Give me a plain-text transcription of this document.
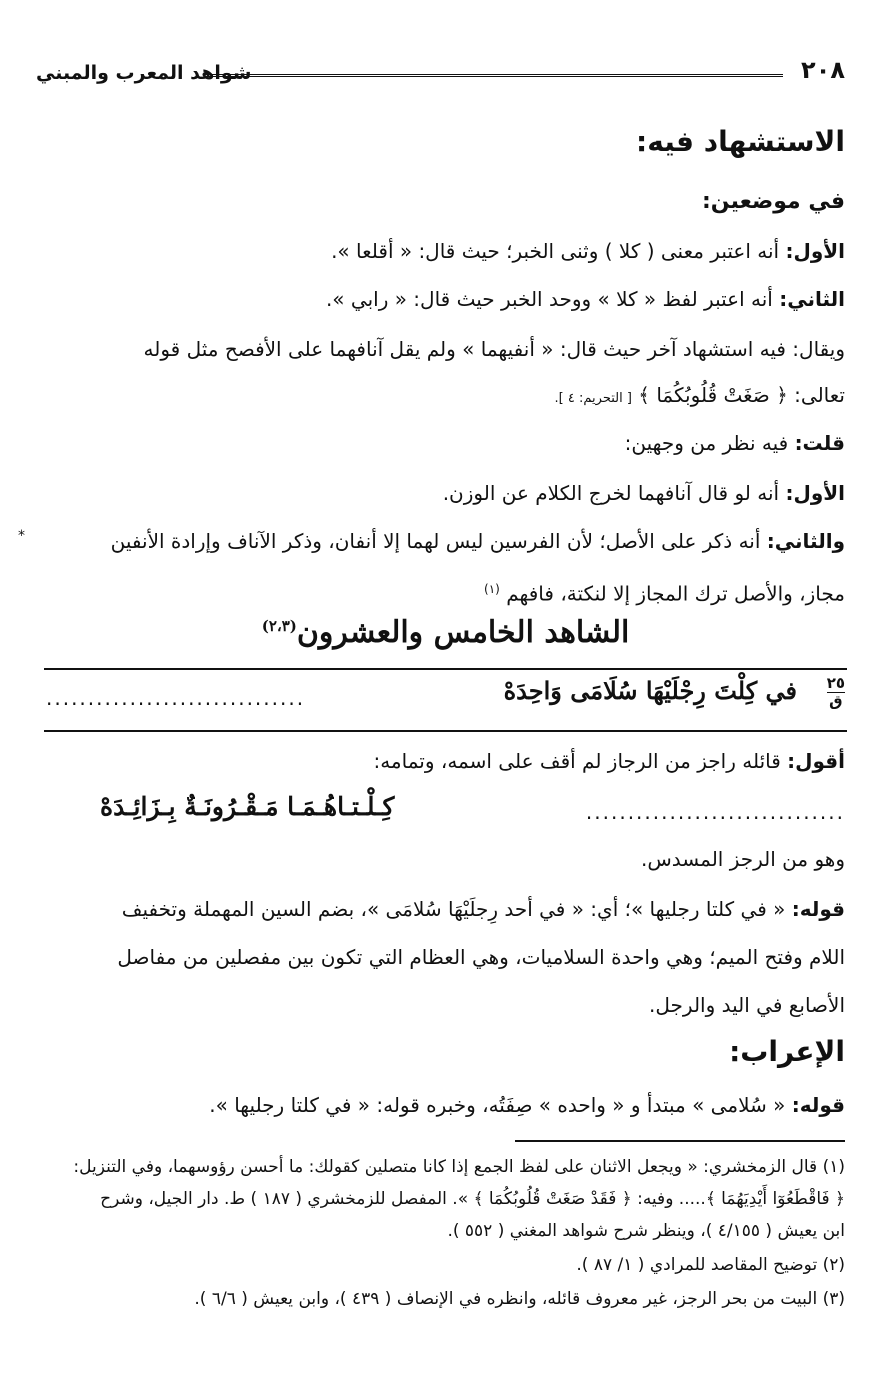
٢٠٨
شواهد المعرب والمبني
الاستشهاد فيه:
في موضعين:
الأول: أنه اعتبر معنى ( كلا ) وثنى الخبر؛ حيث قال: « أقلعا ».
الثاني: أنه اعتبر لفظ « كلا » ووحد الخبر حيث قال: « رابي ».
ويقال: فيه استشهاد آخر حيث قال: « أنفيهما » ولم يقل آنافهما على الأفصح مثل قوله
تعالى: ﴿ صَغَتْ قُلُوبُكُمَا ﴾ [ التحريم: ٤ ].
قلت: فيه نظر من وجهين:
الأول: أنه لو قال آنافهما لخرج الكلام عن الوزن.
*	والثاني: أنه ذكر على الأصل؛ لأن الفرسين ليس لهما إلا أنفان، وذكر الآناف وإرادة الأنفين
مجاز، والأصل ترك المجاز إلا لنكتة، فافهم $^{(١)}$
الشاهد الخامس والعشرون$^{(٢،٣)}$
٢٥
ق
في كِلْتَ رِجْلَيْهَا سُلَامَى وَاحِدَهْ
...............................
أقول: قائله راجز من الرجاز لم أقف على اسمه، وتمامه:
...............................
كِـلْـتـاهُـمَـا مَـقْـرُونَـةٌ بِـزَائِـدَهْ
وهو من الرجز المسدس.
قوله: « في كلتا رجليها »؛ أي: « في أحد رِجلَيْهَا سُلامَى »، بضم السين المهملة وتخفيف
اللام وفتح الميم؛ وهي واحدة السلاميات، وهي العظام التي تكون بين مفصلين من مفاصل
الأصابع في اليد والرجل.
الإعراب:
قوله: « سُلامى » مبتدأ و « واحده » صِفَتُه، وخبره قوله: « في كلتا رجليها ».
(١) قال الزمخشري: « ويجعل الاثنان على لفظ الجمع إذا كانا متصلين كقولك: ما أحسن رؤوسهما، وفي التنزيل:
﴿ فَاقْطَعُوٓا أَيْدِيَهُمَا ﴾..... وفيه: ﴿ فَقَدْ صَغَتْ قُلُوبُكُمَا ﴾ ». المفصل للزمخشري ( ١٨٧ ) ط. دار الجيل، وشرح
ابن يعيش ( ٤/١٥٥ )، وينظر شرح شواهد المغني ( ٥٥٢ ).
(٢) توضيح المقاصد للمرادي ( ١/ ٨٧ ).
(٣) البيت من بحر الرجز، غير معروف قائله، وانظره في الإنصاف ( ٤٣٩ )، وابن يعيش ( ٦/٦ ).
